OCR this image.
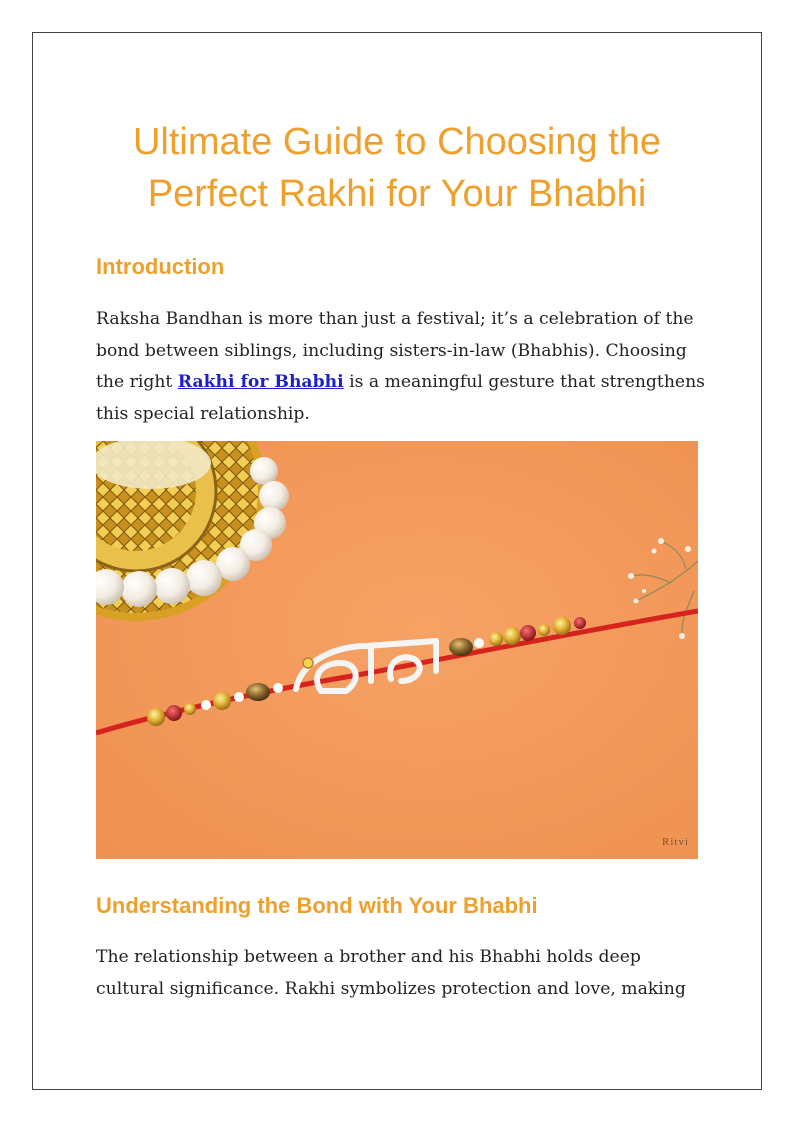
Ultimate Guide to Choosing the
Perfect Rakhi for Your Bhabhi
Introduction

Raksha Bandhan is more than just a festival; it’s a celebration of the bond between siblings, including sisters-in-law (Bhabhis). Choosing the right Rakhi for Bhabhi is a meaningful gesture that strengthens this special relationship.

Ritvi
Understanding the Bond with Your Bhabhi

The relationship between a brother and his Bhabhi holds deep cultural significance. Rakhi symbolizes protection and love, making
